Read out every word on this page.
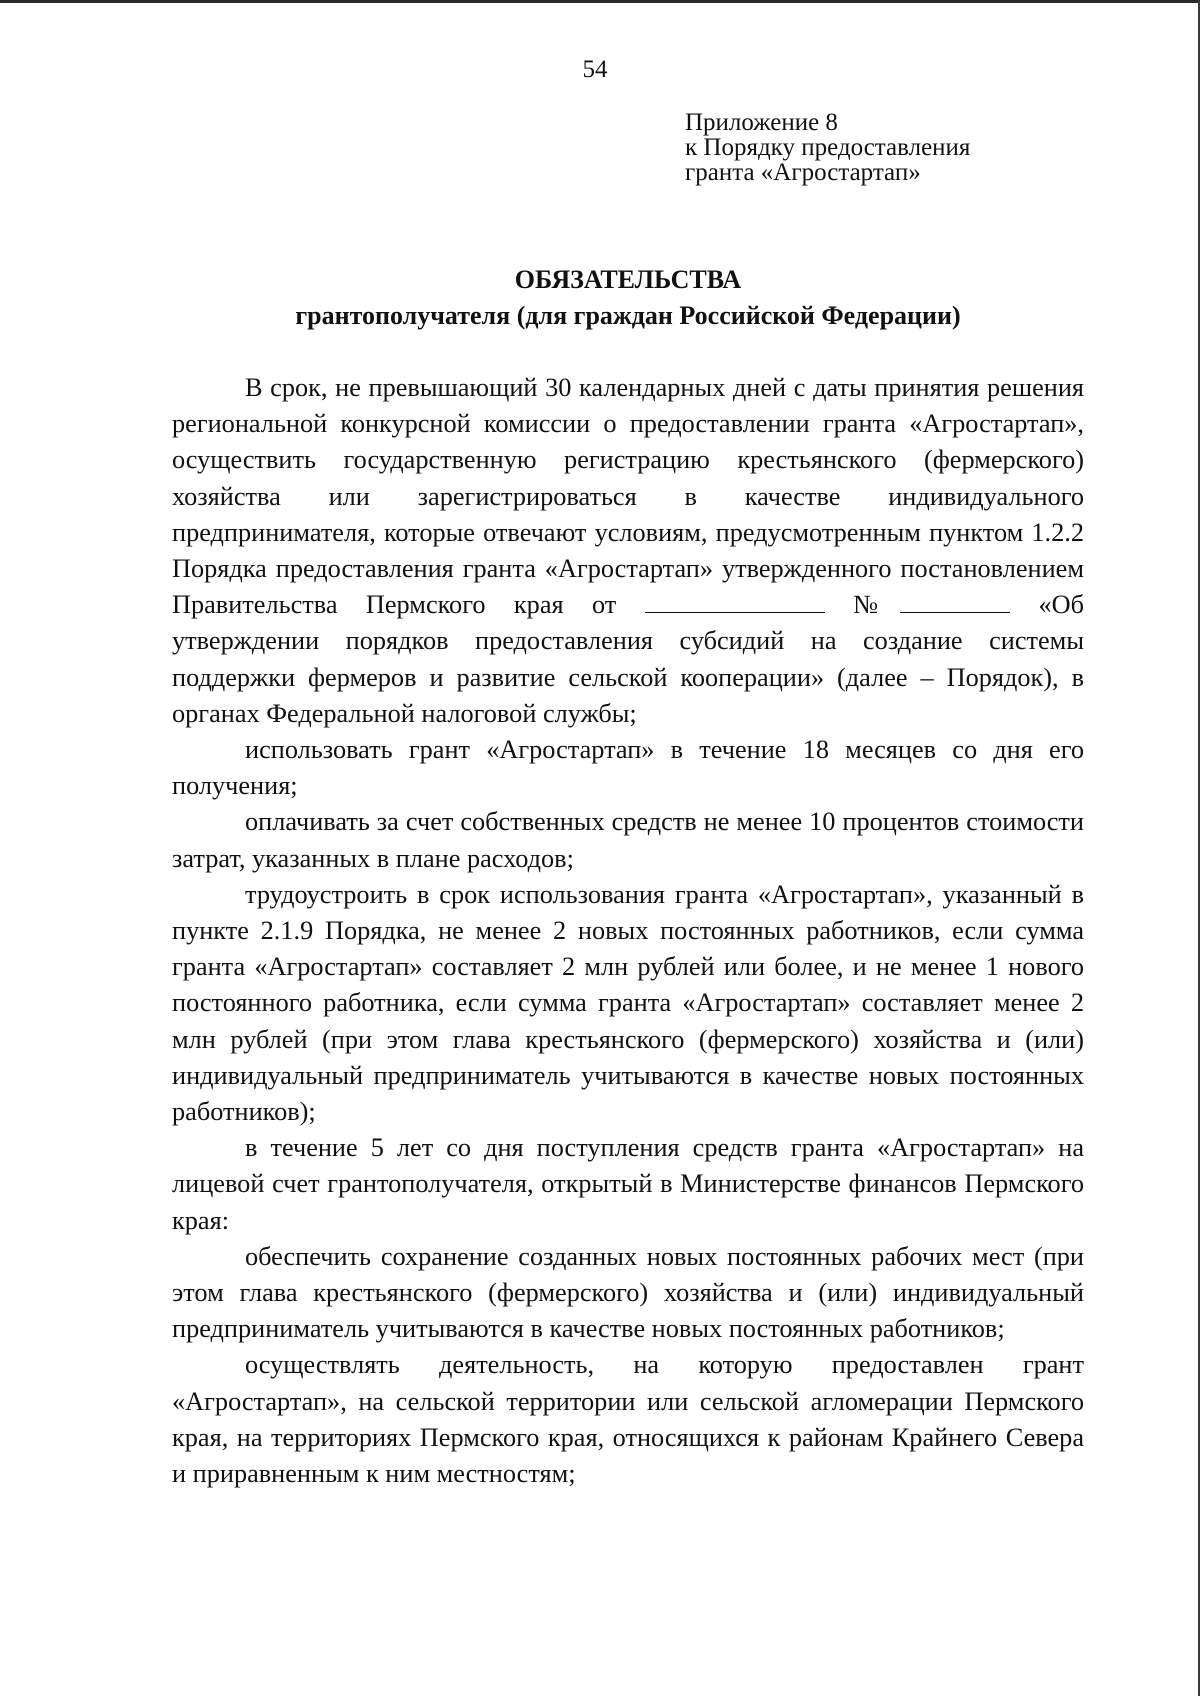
54
Приложение 8
к Порядку предоставления
гранта «Агростартап»
ОБЯЗАТЕЛЬСТВА
грантополучателя (для граждан Российской Федерации)

В срок, не превышающий 30 календарных дней с даты принятия решения региональной конкурсной комиссии о предоставлении гранта «Агростартап», осуществить государственную регистрацию крестьянского (фермерского) хозяйства или зарегистрироваться в качестве индивидуального предпринимателя, которые отвечают условиям, предусмотренным пунктом 1.2.2 Порядка предоставления гранта «Агростартап» утвержденного постановлением Правительства Пермского края от	№	«Об утверждении порядков предоставления субсидий на создание системы поддержки фермеров и развитие сельской кооперации» (далее – Порядок), в органах Федеральной налоговой службы;

использовать грант «Агростартап» в течение 18 месяцев со дня его получения;

оплачивать за счет собственных средств не менее 10 процентов стоимости затрат, указанных в плане расходов;

трудоустроить в срок использования гранта «Агростартап», указанный в пункте 2.1.9 Порядка, не менее 2 новых постоянных работников, если сумма гранта «Агростартап» составляет 2 млн рублей или более, и не менее 1 нового постоянного работника, если сумма гранта «Агростартап» составляет менее 2 млн рублей (при этом глава крестьянского (фермерского) хозяйства и (или) индивидуальный предприниматель учитываются в качестве новых постоянных работников);

в течение 5 лет со дня поступления средств гранта «Агростартап» на лицевой счет грантополучателя, открытый в Министерстве финансов Пермского края:

обеспечить сохранение созданных новых постоянных рабочих мест (при этом глава крестьянского (фермерского) хозяйства и (или) индивидуальный предприниматель учитываются в качестве новых постоянных работников;

осуществлять деятельность, на которую предоставлен грант «Агростартап», на сельской территории или сельской агломерации Пермского края, на территориях Пермского края, относящихся к районам Крайнего Севера и приравненным к ним местностям;
